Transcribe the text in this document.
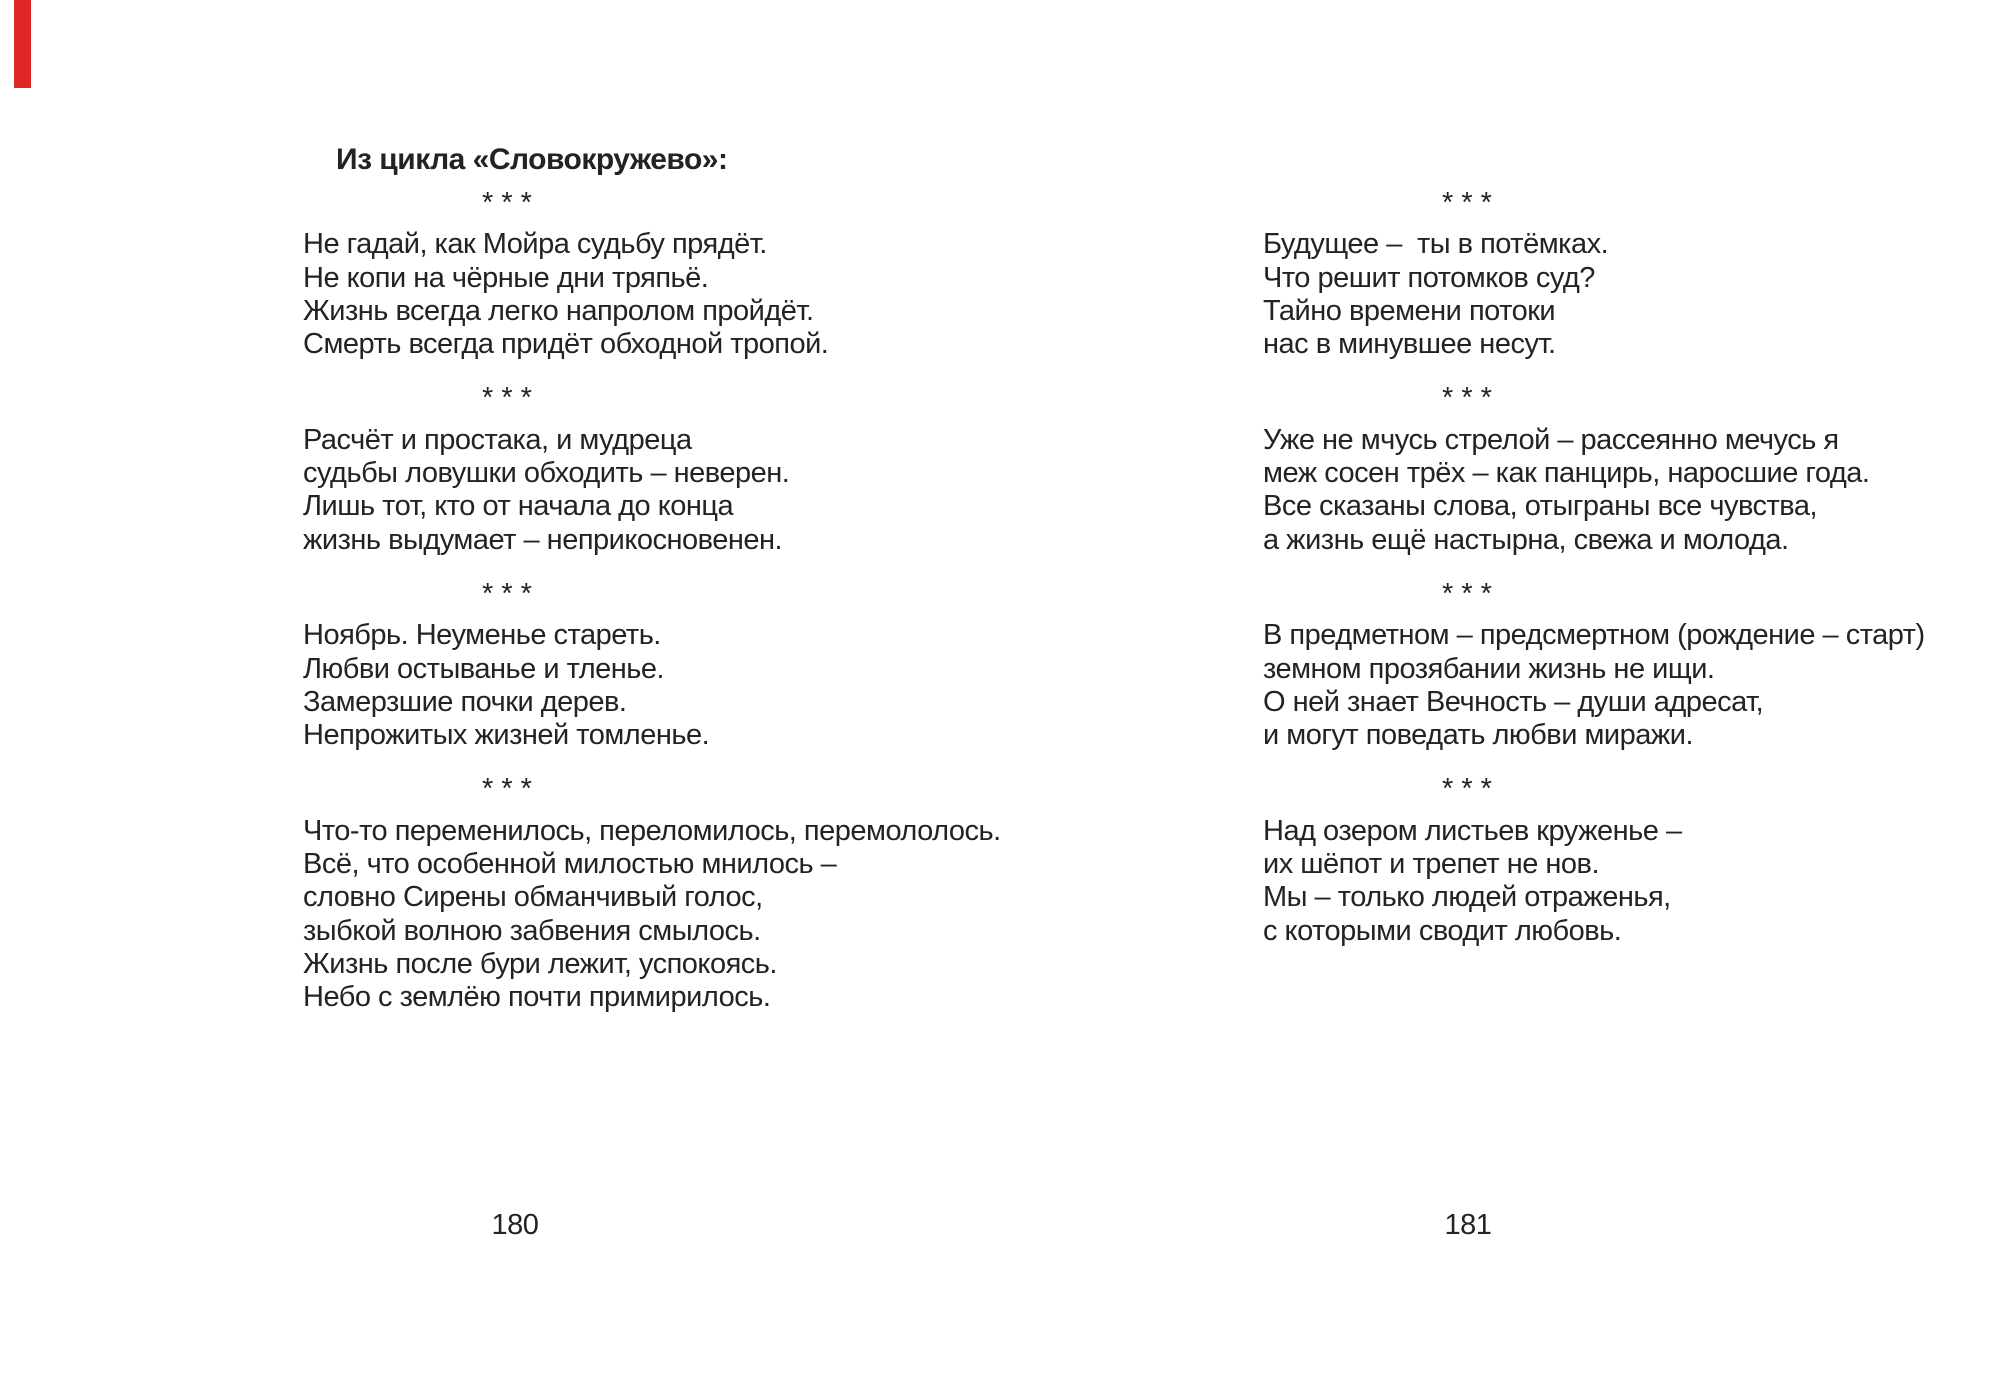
Из цикла «Словокружево»:
* * *
Не гадай, как Мойра судьбу прядёт.
Не копи на чёрные дни тряпьё.
Жизнь всегда легко напролом пройдёт.
Смерть всегда придёт обходной тропой.
* * *
Расчёт и простака, и мудреца
судьбы ловушки обходить – неверен.
Лишь тот, кто от начала до конца
жизнь выдумает – неприкосновенен.
* * *
Ноябрь. Неуменье стареть.
Любви остыванье и тленье.
Замерзшие почки дерев.
Непрожитых жизней томленье.
* * *
Что-то переменилось, переломилось, перемололось.
Всё, что особенной милостью мнилось –
словно Сирены обманчивый голос,
зыбкой волною забвения смылось.
Жизнь после бури лежит, успокоясь.
Небо с землёю почти примирилось.
* * *
Будущее –  ты в потёмках.
Что решит потомков суд?
Тайно времени потоки
нас в минувшее несут.
* * *
Уже не мчусь стрелой – рассеянно мечусь я
меж сосен трёх – как панцирь, наросшие года.
Все сказаны слова, отыграны все чувства,
а жизнь ещё настырна, свежа и молода.
* * *
В предметном – предсмертном (рождение – старт)
земном прозябании жизнь не ищи.
О ней знает Вечность – души адресат,
и могут поведать любви миражи.
* * *
Над озером листьев круженье –
их шёпот и трепет не нов.
Мы – только людей отраженья,
с которыми сводит любовь.
180	181
